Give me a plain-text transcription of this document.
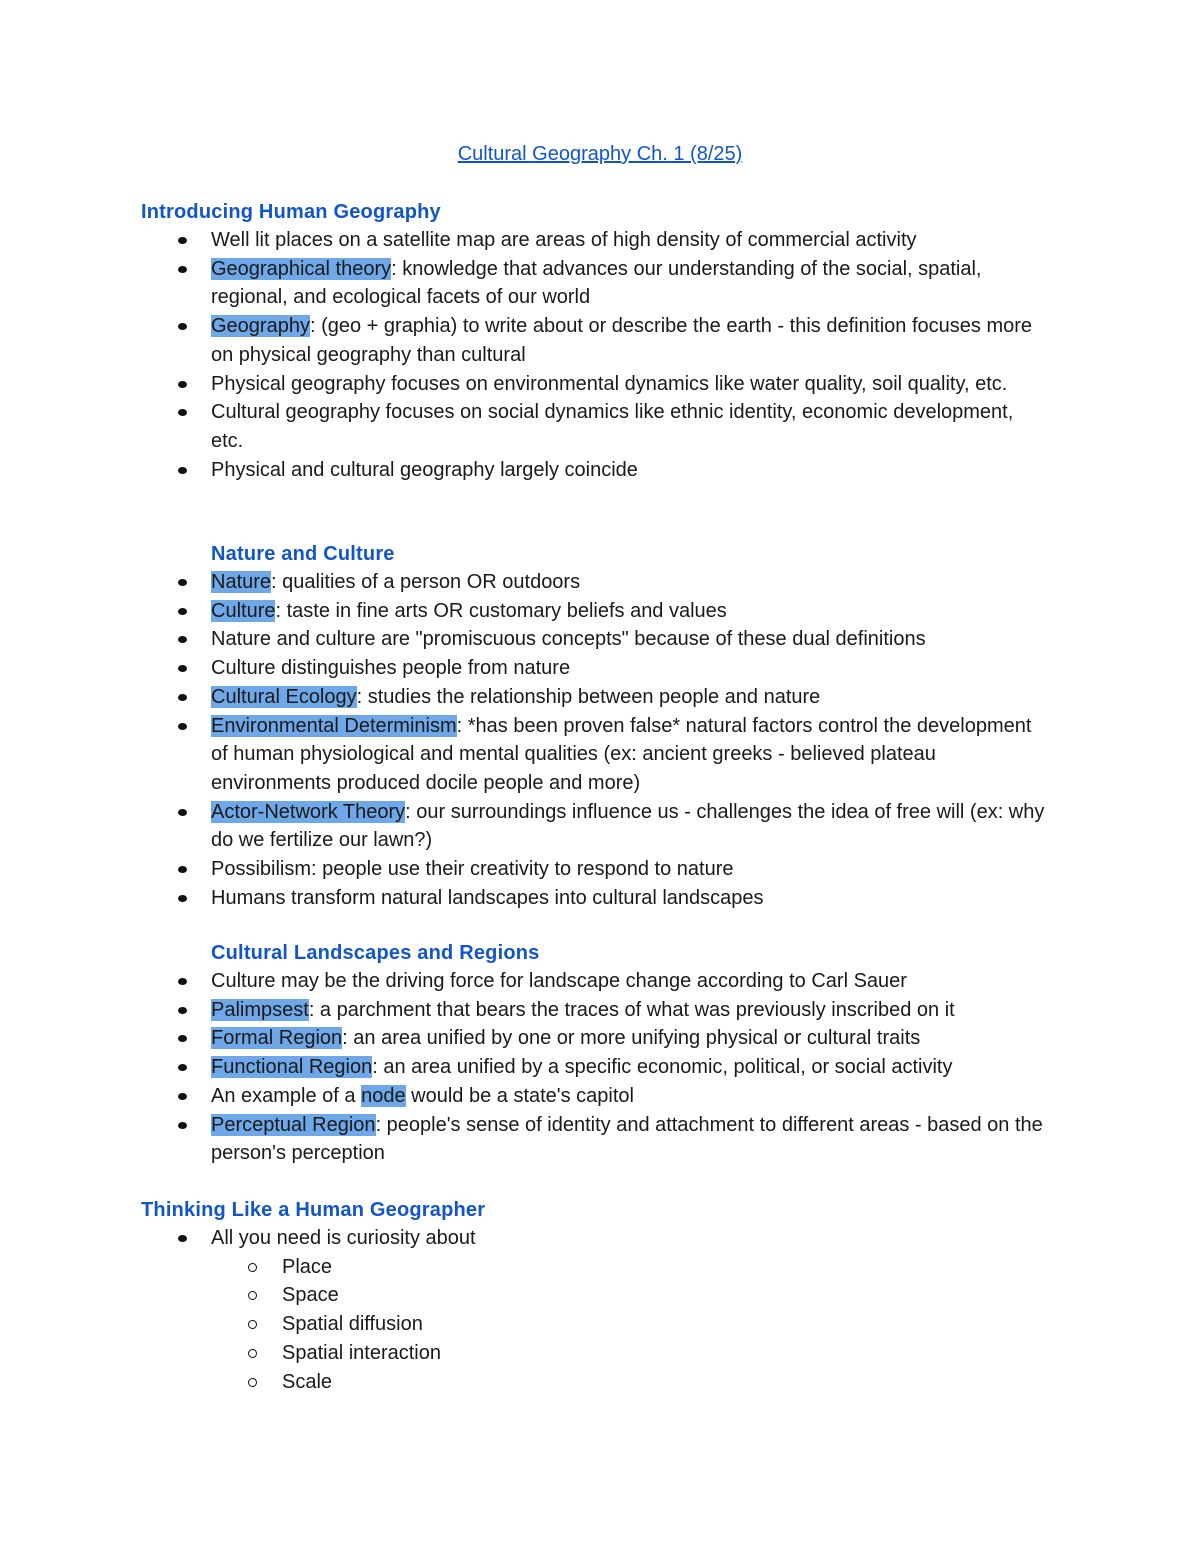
Cultural Geography Ch. 1 (8/25)
Introducing Human Geography
Well lit places on a satellite map are areas of high density of commercial activity
Geographical theory: knowledge that advances our understanding of the social, spatial, regional, and ecological facets of our world
Geography: (geo + graphia) to write about or describe the earth - this definition focuses more on physical geography than cultural
Physical geography focuses on environmental dynamics like water quality, soil quality, etc.
Cultural geography focuses on social dynamics like ethnic identity, economic development, etc.
Physical and cultural geography largely coincide
Nature and Culture
Nature: qualities of a person OR outdoors
Culture: taste in fine arts OR customary beliefs and values
Nature and culture are "promiscuous concepts" because of these dual definitions
Culture distinguishes people from nature
Cultural Ecology: studies the relationship between people and nature
Environmental Determinism: *has been proven false* natural factors control the development of human physiological and mental qualities (ex: ancient greeks - believed plateau environments produced docile people and more)
Actor-Network Theory: our surroundings influence us - challenges the idea of free will (ex: why do we fertilize our lawn?)
Possibilism: people use their creativity to respond to nature
Humans transform natural landscapes into cultural landscapes
Cultural Landscapes and Regions
Culture may be the driving force for landscape change according to Carl Sauer
Palimpsest: a parchment that bears the traces of what was previously inscribed on it
Formal Region: an area unified by one or more unifying physical or cultural traits
Functional Region: an area unified by a specific economic, political, or social activity
An example of a node would be a state's capitol
Perceptual Region: people's sense of identity and attachment to different areas - based on the person's perception
Thinking Like a Human Geographer
All you need is curiosity about
Place
Space
Spatial diffusion
Spatial interaction
Scale
